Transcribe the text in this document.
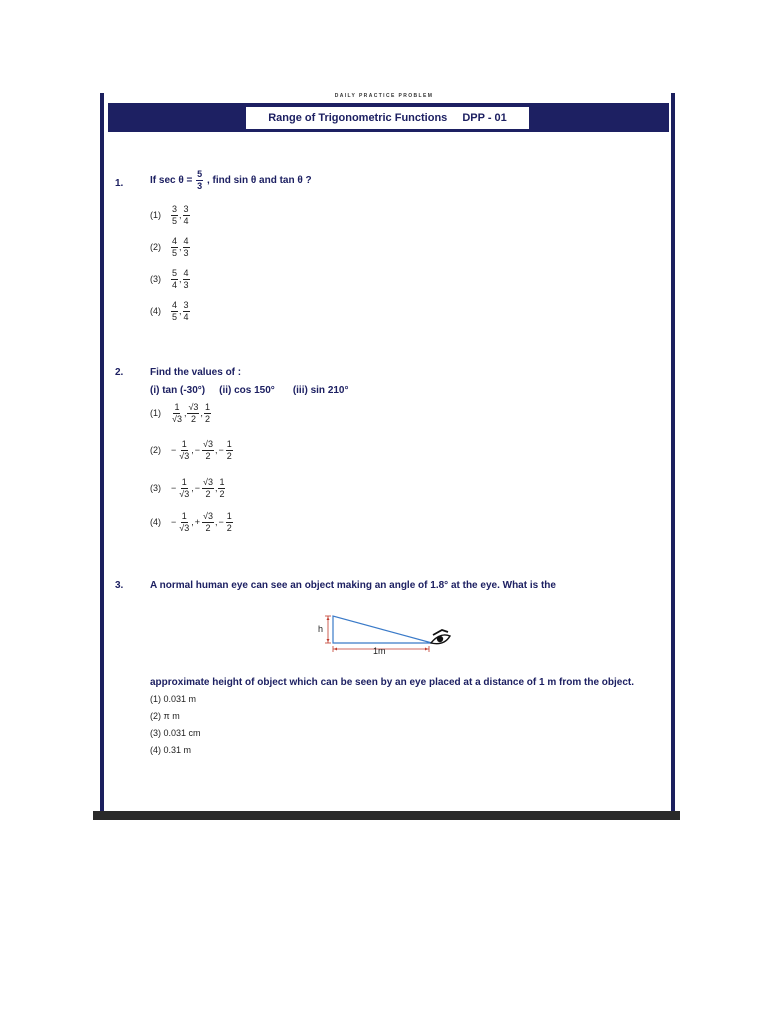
DAILY PRACTICE PROBLEM
Range of Trigonometric Functions DPP - 01
1.	If $\sec \theta = \frac{5}{3}$ , find sin θ and tan θ ?
$(1) \frac{3}{5}$ , $\frac{3}{4}$
$(2) \frac{4}{5}$ , $\frac{4}{3}$
$(3) \frac{5}{4}$ , $\frac{4}{3}$
$(4) \frac{4}{5}$ , $\frac{3}{4}$
2.	Find the values of :
(i) tan (-30°) (ii) cos 150° (iii) sin 210°
$(1) \frac{1}{√3}$ , $\frac{√3}{2}$ , $\frac{1}{2}$
$(2) - \frac{1}{√3}$ ,− $\frac{√3}{2}$ ,− $\frac{1}{2}$
$(3) - \frac{1}{√3}$ ,− $\frac{√3}{2}$ , $\frac{1}{2}$
$(4) - \frac{1}{√3}$ ,+ $\frac{√3}{2}$ ,− $\frac{1}{2}$
3.	A normal human eye can see an object making an angle of 1.8° at the eye. What is the
h
1m
approximate height of object which can be seen by an eye placed at a distance of 1 m from the object.
(1) 0.031 m
(2) π m
(3) 0.031 cm
(4) 0.31 m
